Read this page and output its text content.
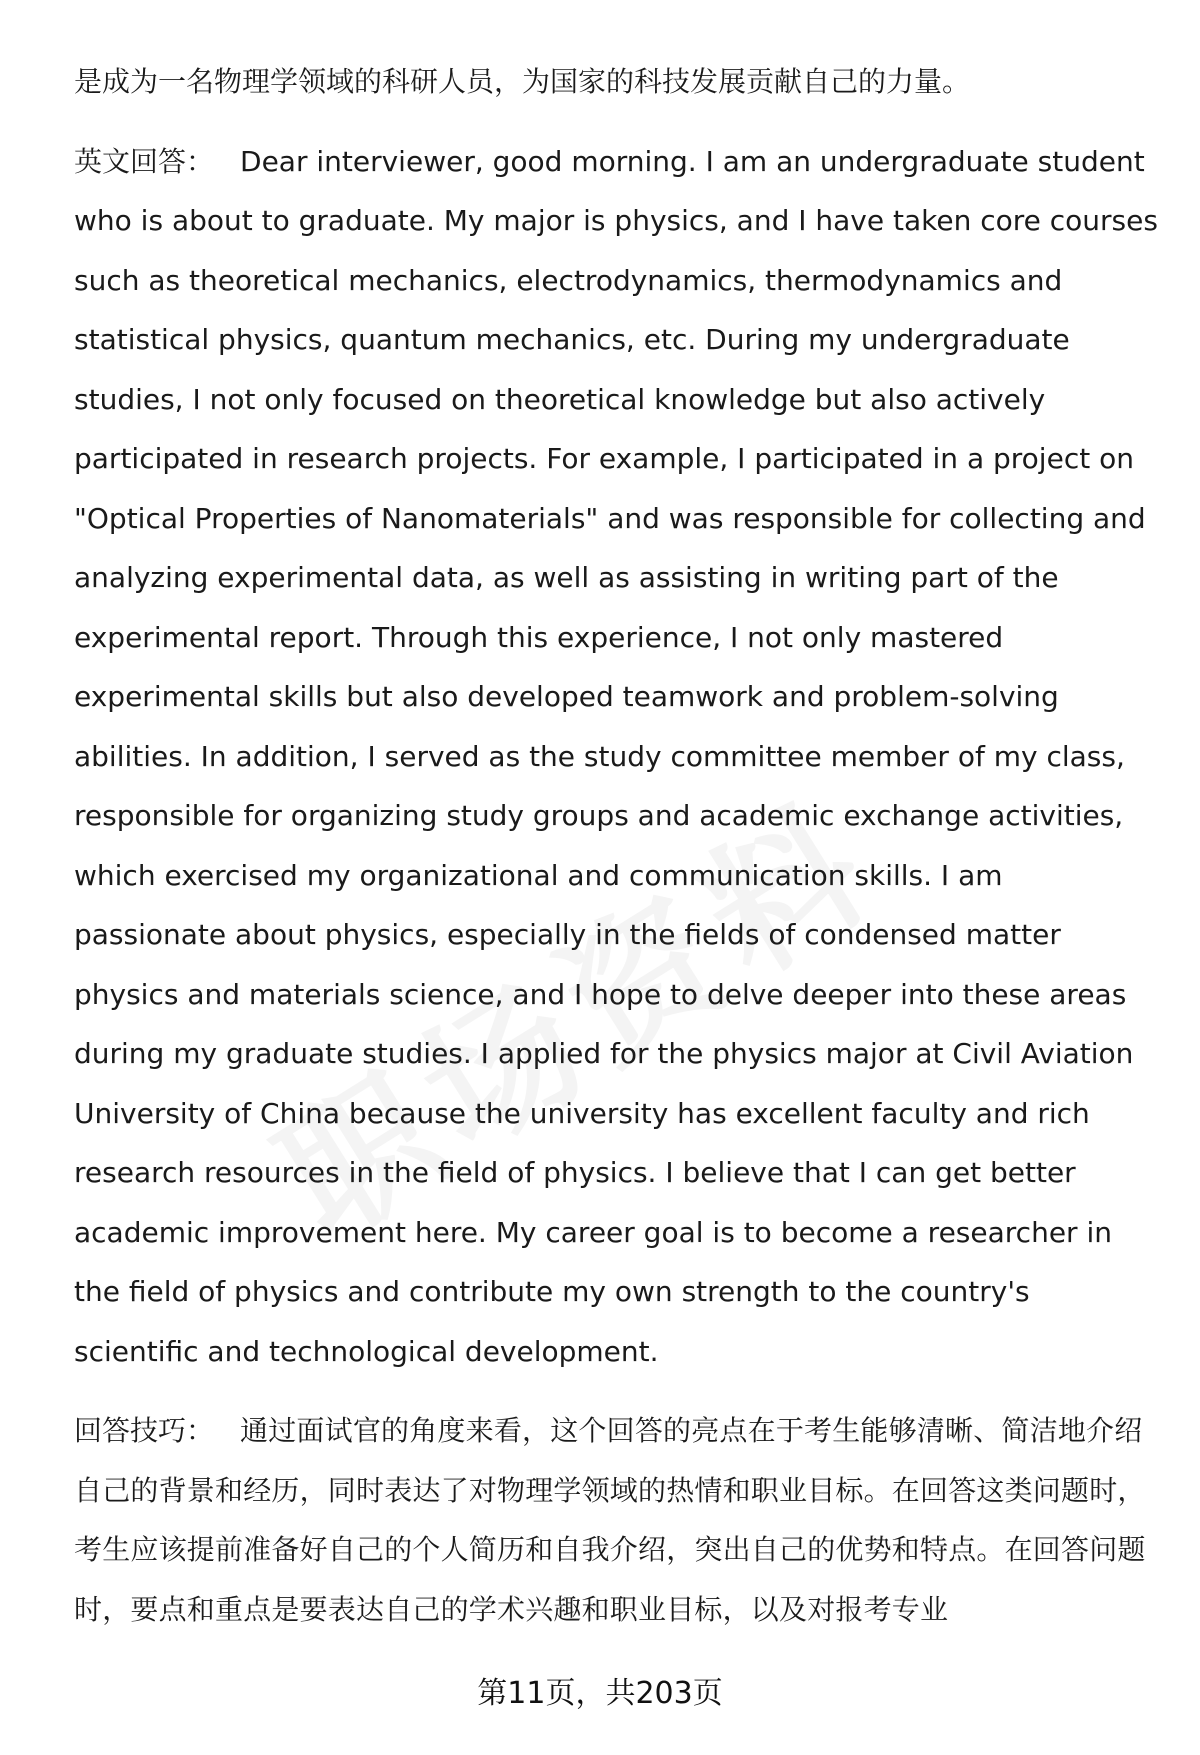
是成为一名物理学领域的科研人员，为国家的科技发展贡献自己的力量。

英文回答： Dear interviewer, good morning. I am an undergraduate student who is about to graduate. My major is physics, and I have taken core courses such as theoretical mechanics, electrodynamics, thermodynamics and statistical physics, quantum mechanics, etc. During my undergraduate studies, I not only focused on theoretical knowledge but also actively participated in research projects. For example, I participated in a project on "Optical Properties of Nanomaterials" and was responsible for collecting and analyzing experimental data, as well as assisting in writing part of the experimental report. Through this experience, I not only mastered experimental skills but also developed teamwork and problem-solving abilities. In addition, I served as the study committee member of my class, responsible for organizing study groups and academic exchange activities, which exercised my organizational and communication skills. I am passionate about physics, especially in the fields of condensed matter physics and materials science, and I hope to delve deeper into these areas during my graduate studies. I applied for the physics major at Civil Aviation University of China because the university has excellent faculty and rich research resources in the field of physics. I believe that I can get better academic improvement here. My career goal is to become a researcher in the field of physics and contribute my own strength to the country's scientific and technological development.

回答技巧： 通过面试官的角度来看，这个回答的亮点在于考生能够清晰、简洁地介绍自己的背景和经历，同时表达了对物理学领域的热情和职业目标。在回答这类问题时，考生应该提前准备好自己的个人简历和自我介绍，突出自己的优势和特点。在回答问题时，要点和重点是要表达自己的学术兴趣和职业目标，以及对报考专业

第11页，共203页
